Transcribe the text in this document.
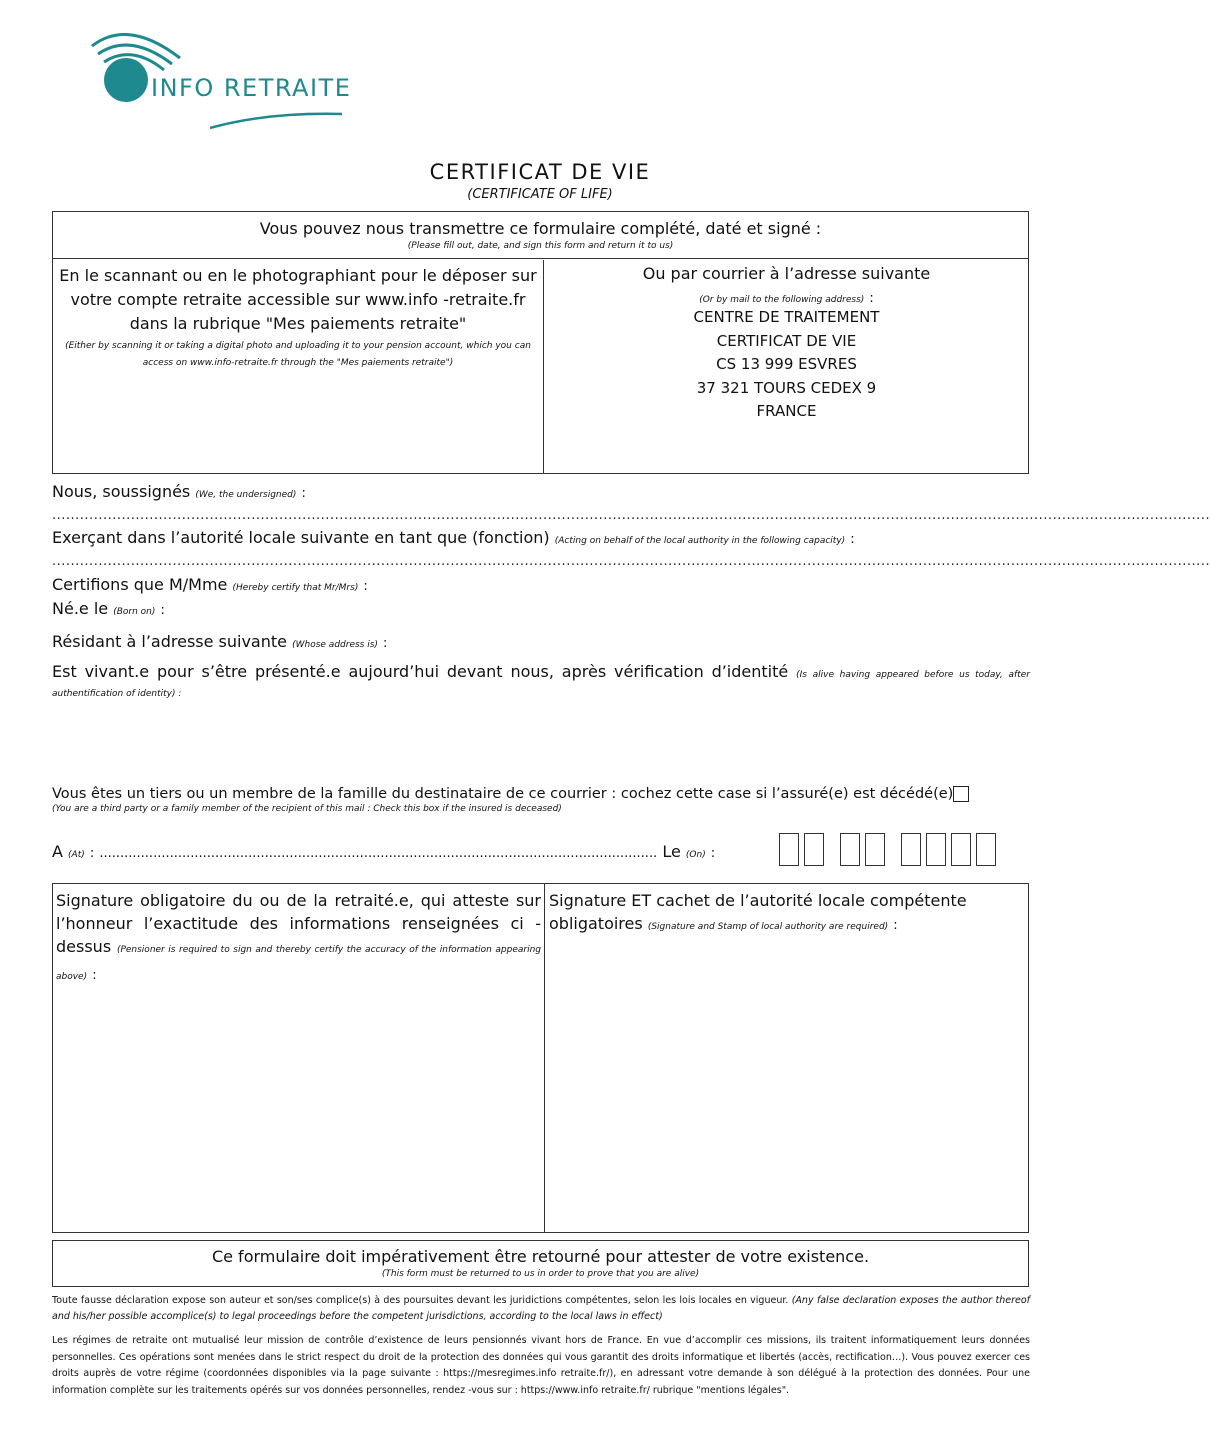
INFO RETRAITE
CERTIFICAT DE VIE
(CERTIFICATE OF LIFE)
Vous pouvez nous transmettre ce formulaire complété, daté et signé :
(Please fill out, date, and sign this form and return it to us)
En le scannant ou en le photographiant pour le déposer sur votre compte retraite accessible sur www.info -retraite.fr dans la rubrique "Mes paiements retraite"
(Either by scanning it or taking a digital photo and uploading it to your pension account, which you can access on www.info-retraite.fr through the "Mes paiements retraite")
Ou par courrier à l’adresse suivante
(Or by mail to the following address) :
CENTRE DE TRAITEMENT
CERTIFICAT DE VIE
CS 13 999 ESVRES
37 321 TOURS CEDEX 9
FRANCE
Nous, soussignés (We, the undersigned) :
..........................................................................................................................................................................................................................................................
Exerçant dans l’autorité locale suivante en tant que (fonction) (Acting on behalf of the local authority in the following capacity) :
..........................................................................................................................................................................................................................................................
Certifions que M/Mme (Hereby certify that Mr/Mrs) :
Né.e le (Born on) :
Résidant à l’adresse suivante (Whose address is) :
Est vivant.e pour s’être présenté.e aujourd’hui devant nous, après vérification d’identité (Is alive having appeared before us today, after authentification of identity) :
Vous êtes un tiers ou un membre de la famille du destinataire de ce courrier : cochez cette case si l’assuré(e) est décédé(e)
(You are a third party or a family member of the recipient of this mail : Check this box if the insured is deceased)
A (At) : ....................................................................................................................................... Le (On) :
Signature obligatoire du ou de la retraité.e, qui atteste sur l’honneur l’exactitude des informations renseignées ci -dessus (Pensioner is required to sign and thereby certify the accuracy of the information appearing above) :
Signature ET cachet de l’autorité locale compétente obligatoires (Signature and Stamp of local authority are required) :
Ce formulaire doit impérativement être retourné pour attester de votre existence.
(This form must be returned to us in order to prove that you are alive)
Toute fausse déclaration expose son auteur et son/ses complice(s) à des poursuites devant les juridictions compétentes, selon les lois locales en vigueur. (Any false declaration exposes the author thereof and his/her possible accomplice(s) to legal proceedings before the competent jurisdictions, according to the local laws in effect)
Les régimes de retraite ont mutualisé leur mission de contrôle d’existence de leurs pensionnés vivant hors de France. En vue d’accomplir ces missions, ils traitent informatiquement leurs données personnelles. Ces opérations sont menées dans le strict respect du droit de la protection des données qui vous garantit des droits informatique et libertés (accès, rectification…). Vous pouvez exercer ces droits auprès de votre régime (coordonnées disponibles via la page suivante : https://mesregimes.info retraite.fr/), en adressant votre demande à son délégué à la protection des données. Pour une information complète sur les traitements opérés sur vos données personnelles, rendez -vous sur : https://www.info retraite.fr/ rubrique "mentions légales".
